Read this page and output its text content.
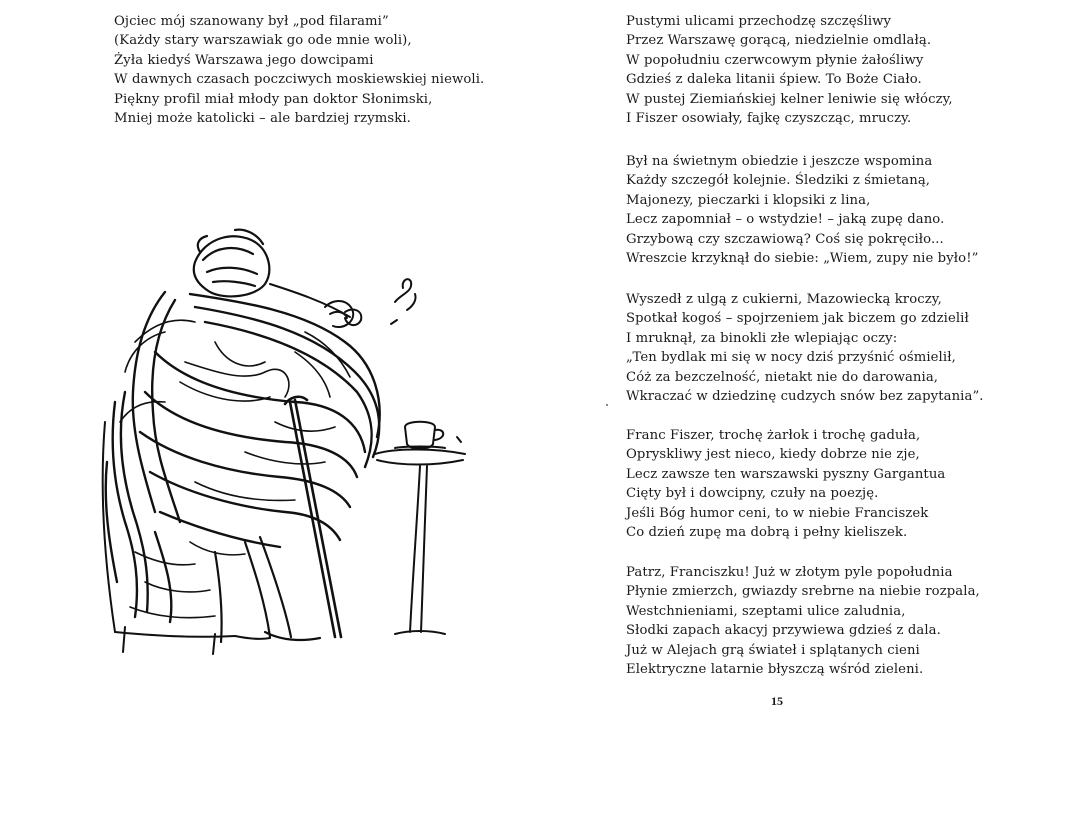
Ojciec mój szanowany był „pod filarami”
(Każdy stary warszawiak go ode mnie woli),
Żyła kiedyś Warszawa jego dowcipami
W dawnych czasach poczciwych moskiewskiej niewoli.
Piękny profil miał młody pan doktor Słonimski,
Mniej może katolicki – ale bardziej rzymski.
Pustymi ulicami przechodzę szczęśliwy
Przez Warszawę gorącą, niedzielnie omdlałą.
W popołudniu czerwcowym płynie żałośliwy
Gdzieś z daleka litanii śpiew. To Boże Ciało.
W pustej Ziemiańskiej kelner leniwie się włóczy,
I Fiszer osowiały, fajkę czyszcząc, mruczy.
Był na świetnym obiedzie i jeszcze wspomina
Każdy szczegół kolejnie. Śledziki z śmietaną,
Majonezy, pieczarki i klopsiki z lina,
Lecz zapomniał – o wstydzie! – jaką zupę dano.
Grzybową czy szczawiową? Coś się pokręciło...
Wreszcie krzyknął do siebie: „Wiem, zupy nie było!”
Wyszedł z ulgą z cukierni, Mazowiecką kroczy,
Spotkał kogoś – spojrzeniem jak biczem go zdzielił
I mruknął, za binokli złe wlepiając oczy:
„Ten bydlak mi się w nocy dziś przyśnić ośmielił,
Cóż za bezczelność, nietakt nie do darowania,
Wkraczać w dziedzinę cudzych snów bez zapytania”.
Franc Fiszer, trochę żarłok i trochę gaduła,
Opryskliwy jest nieco, kiedy dobrze nie zje,
Lecz zawsze ten warszawski pyszny Gargantua
Cięty był i dowcipny, czuły na poezję.
Jeśli Bóg humor ceni, to w niebie Franciszek
Co dzień zupę ma dobrą i pełny kieliszek.
Patrz, Franciszku! Już w złotym pyle popołudnia
Płynie zmierzch, gwiazdy srebrne na niebie rozpala,
Westchnieniami, szeptami ulice zaludnia,
Słodki zapach akacyj przywiewa gdzieś z dala.
Już w Alejach grą świateł i splątanych cieni
Elektryczne latarnie błyszczą wśród zieleni.
15
